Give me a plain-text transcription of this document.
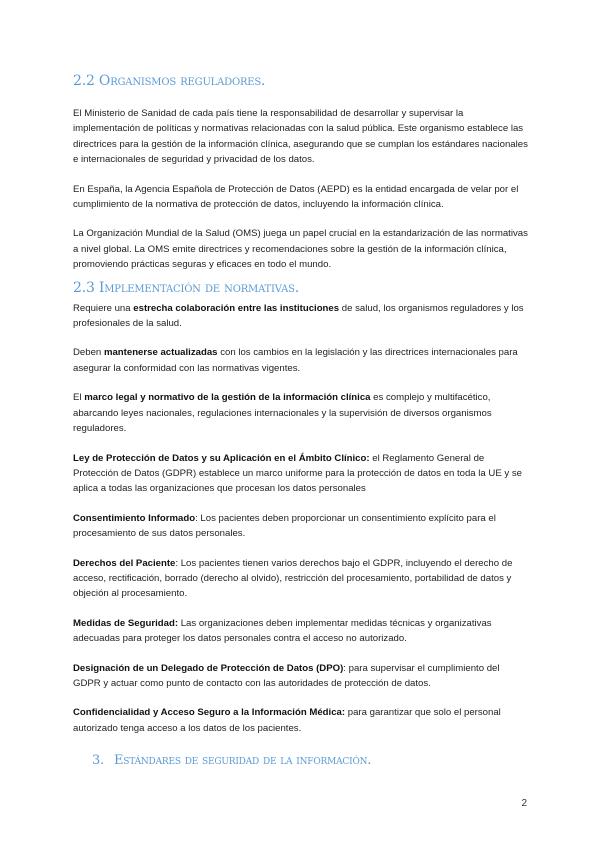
2.2 Organismos reguladores.

El Ministerio de Sanidad de cada país tiene la responsabilidad de desarrollar y supervisar la implementación de políticas y normativas relacionadas con la salud pública. Este organismo establece las directrices para la gestión de la información clínica, asegurando que se cumplan los estándares nacionales e internacionales de seguridad y privacidad de los datos.

En España, la Agencia Española de Protección de Datos (AEPD) es la entidad encargada de velar por el cumplimiento de la normativa de protección de datos, incluyendo la información clínica.

La Organización Mundial de la Salud (OMS) juega un papel crucial en la estandarización de las normativas a nivel global. La OMS emite directrices y recomendaciones sobre la gestión de la información clínica, promoviendo prácticas seguras y eficaces en todo el mundo.

2.3 Implementación de normativas.

Requiere una estrecha colaboración entre las instituciones de salud, los organismos reguladores y los profesionales de la salud.

Deben mantenerse actualizadas con los cambios en la legislación y las directrices internacionales para asegurar la conformidad con las normativas vigentes.

El marco legal y normativo de la gestión de la información clínica es complejo y multifacético, abarcando leyes nacionales, regulaciones internacionales y la supervisión de diversos organismos reguladores.

Ley de Protección de Datos y su Aplicación en el Ámbito Clínico: el Reglamento General de Protección de Datos (GDPR) establece un marco uniforme para la protección de datos en toda la UE y se aplica a todas las organizaciones que procesan los datos personales

Consentimiento Informado: Los pacientes deben proporcionar un consentimiento explícito para el procesamiento de sus datos personales.

Derechos del Paciente: Los pacientes tienen varios derechos bajo el GDPR, incluyendo el derecho de acceso, rectificación, borrado (derecho al olvido), restricción del procesamiento, portabilidad de datos y objeción al procesamiento.

Medidas de Seguridad: Las organizaciones deben implementar medidas técnicas y organizativas adecuadas para proteger los datos personales contra el acceso no autorizado.

Designación de un Delegado de Protección de Datos (DPO): para supervisar el cumplimiento del GDPR y actuar como punto de contacto con las autoridades de protección de datos.

Confidencialidad y Acceso Seguro a la Información Médica: para garantizar que solo el personal autorizado tenga acceso a los datos de los pacientes.

3. Estándares de seguridad de la información.
2
